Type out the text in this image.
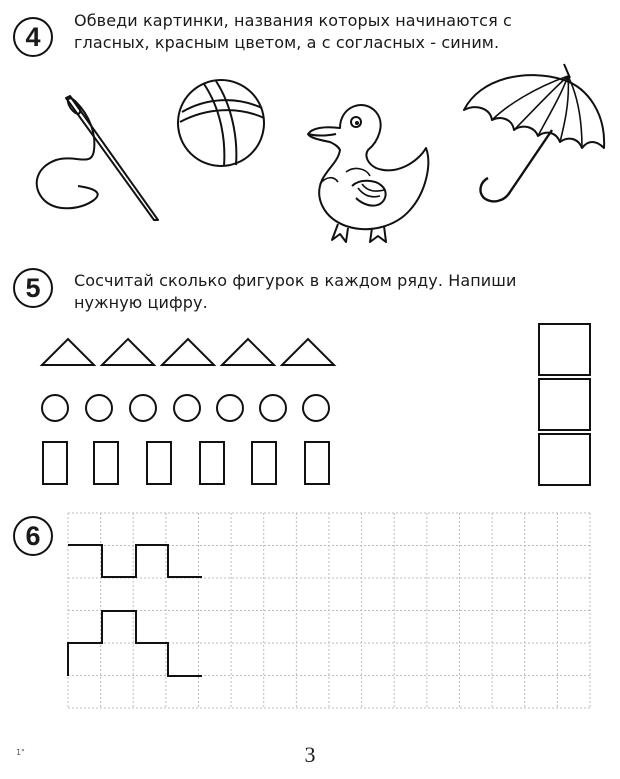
4
Обведи картинки, названия которых начинаются с гласных, красным цветом, а с согласных - синим.
5 Сосчитай сколько фигурок в каждом ряду. Напиши нужную цифру.
6
1"	3
